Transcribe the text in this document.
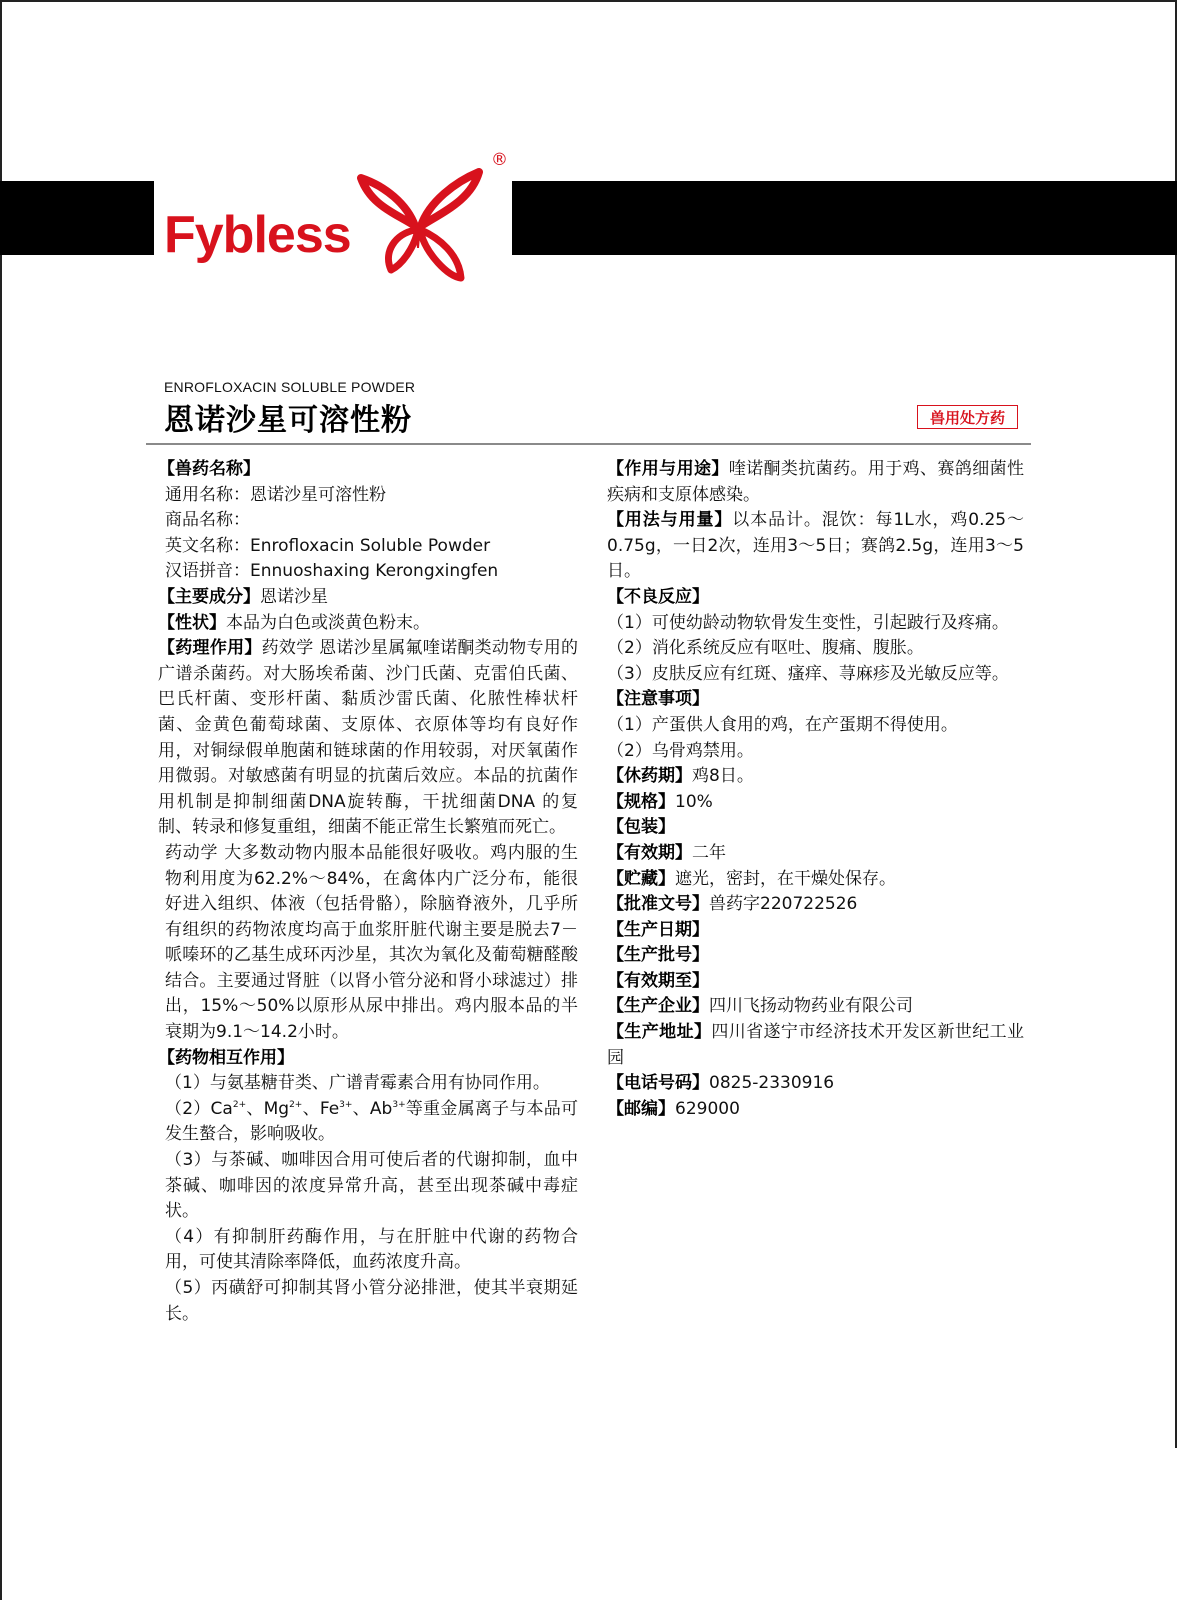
Fybless
®
ENROFLOXACIN SOLUBLE POWDER
恩诺沙星可溶性粉	兽用处方药

【兽药名称】

通用名称：恩诺沙星可溶性粉

商品名称：

英文名称：Enrofloxacin Soluble Powder

汉语拼音：Ennuoshaxing Kerongxingfen

【主要成分】恩诺沙星

【性状】本品为白色或淡黄色粉末。

【药理作用】药效学 恩诺沙星属氟喹诺酮类动物专用的广谱杀菌药。对大肠埃希菌、沙门氏菌、克雷伯氏菌、巴氏杆菌、变形杆菌、黏质沙雷氏菌、化脓性棒状杆菌、金黄色葡萄球菌、支原体、衣原体等均有良好作用，对铜绿假单胞菌和链球菌的作用较弱，对厌氧菌作用微弱。对敏感菌有明显的抗菌后效应。本品的抗菌作用机制是抑制细菌DNA旋转酶，干扰细菌DNA 的复制、转录和修复重组，细菌不能正常生长繁殖而死亡。

药动学 大多数动物内服本品能很好吸收。鸡内服的生物利用度为62.2%～84%，在禽体内广泛分布，能很好进入组织、体液（包括骨骼），除脑脊液外，几乎所有组织的药物浓度均高于血浆肝脏代谢主要是脱去7－哌嗪环的乙基生成环丙沙星，其次为氧化及葡萄糖醛酸结合。主要通过肾脏（以肾小管分泌和肾小球滤过）排出，15%～50%以原形从尿中排出。鸡内服本品的半衰期为9.1～14.2小时。

【药物相互作用】

（1）与氨基糖苷类、广谱青霉素合用有协同作用。

$(2)Ca^{2+}$、$Mg^{2+}$、$Fe^{3+}$、$Ab^{3+}$等重金属离子与本品可发生螯合，影响吸收。

（3）与茶碱、咖啡因合用可使后者的代谢抑制，血中茶碱、咖啡因的浓度异常升高，甚至出现茶碱中毒症状。

（4）有抑制肝药酶作用，与在肝脏中代谢的药物合用，可使其清除率降低，血药浓度升高。

（5）丙磺舒可抑制其肾小管分泌排泄，使其半衰期延长。

【作用与用途】喹诺酮类抗菌药。用于鸡、赛鸽细菌性疾病和支原体感染。

【用法与用量】以本品计。混饮：每1L水，鸡0.25～0.75g，一日2次，连用3～5日；赛鸽2.5g，连用3～5日。

【不良反应】

（1）可使幼龄动物软骨发生变性，引起跛行及疼痛。

（2）消化系统反应有呕吐、腹痛、腹胀。

（3）皮肤反应有红斑、瘙痒、荨麻疹及光敏反应等。

【注意事项】

（1）产蛋供人食用的鸡，在产蛋期不得使用。

（2）乌骨鸡禁用。

【休药期】鸡8日。

【规格】10%

【包装】

【有效期】二年

【贮藏】遮光，密封，在干燥处保存。

【批准文号】兽药字220722526

【生产日期】

【生产批号】

【有效期至】

【生产企业】四川飞扬动物药业有限公司

【生产地址】四川省遂宁市经济技术开发区新世纪工业园

【电话号码】0825-2330916

【邮编】629000
